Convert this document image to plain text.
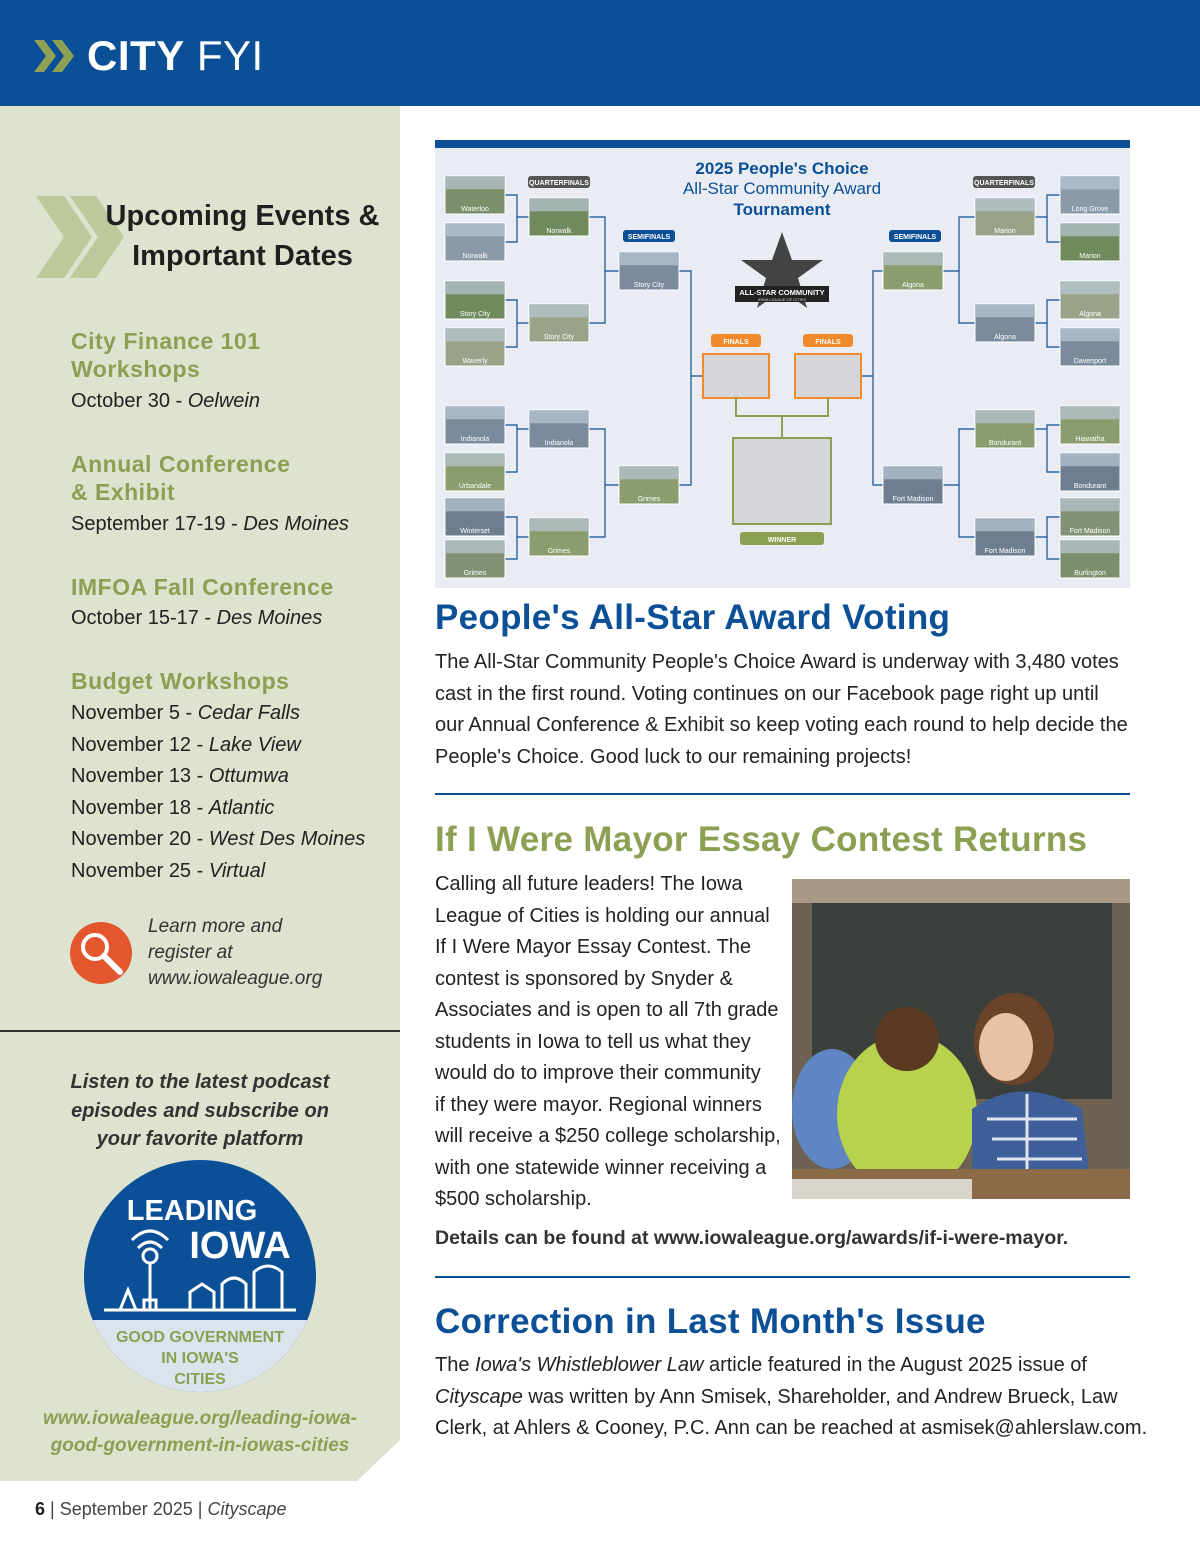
CITY FYI
Upcoming Events &
Important Dates
City Finance 101
Workshops
October 30 - Oelwein
Annual Conference
& Exhibit
September 17-19 - Des Moines
IMFOA Fall Conference
October 15-17 - Des Moines
Budget Workshops
November 5 - Cedar Falls
November 12 - Lake View
November 13 - Ottumwa
November 18 - Atlantic
November 20 - West Des Moines
November 25 - Virtual
Learn more and
register at
www.iowaleague.org
Listen to the latest podcast
episodes and subscribe on
your favorite platform
LEADING
IOWA
GOOD GOVERNMENT
IN IOWA'S
CITIES
www.iowaleague.org/leading-iowa-
good-government-in-iowas-cities
Waterloo
Norwalk
Story City
Waverly
Indianola
Urbandale
Winterset
Grimes
Norwalk
Story City
Indianola
Grimes
Story City
Grimes
Long Grove
Marion
Algona
Davenport
Hiawatha
Bondurant
Fort Madison
Burlington
Marion
Algona
Bondurant
Fort Madison
Algona
Fort Madison
2025 People's Choice
All-Star Community Award
Tournament
QUARTERFINALS	QUARTERFINALS
SEMIFINALS	SEMIFINALS
ALL-STAR COMMUNITY
IOWA LEAGUE OF CITIES
FINALS	FINALS
WINNER
People's All-Star Award Voting
The All-Star Community People's Choice Award is underway with 3,480 votes
cast in the first round. Voting continues on our Facebook page right up until
our Annual Conference & Exhibit so keep voting each round to help decide the
People's Choice. Good luck to our remaining projects!
If I Were Mayor Essay Contest Returns
Calling all future leaders! The Iowa
League of Cities is holding our annual
If I Were Mayor Essay Contest. The
contest is sponsored by Snyder &
Associates and is open to all 7th grade
students in Iowa to tell us what they
would do to improve their community
if they were mayor. Regional winners
will receive a $250 college scholarship,
with one statewide winner receiving a
$500 scholarship.
Details can be found at www.iowaleague.org/awards/if-i-were-mayor.
Correction in Last Month's Issue
The Iowa's Whistleblower Law article featured in the August 2025 issue of
Cityscape was written by Ann Smisek, Shareholder, and Andrew Brueck, Law
Clerk, at Ahlers & Cooney, P.C. Ann can be reached at asmisek@ahlerslaw.com.
6 | September 2025 | Cityscape
